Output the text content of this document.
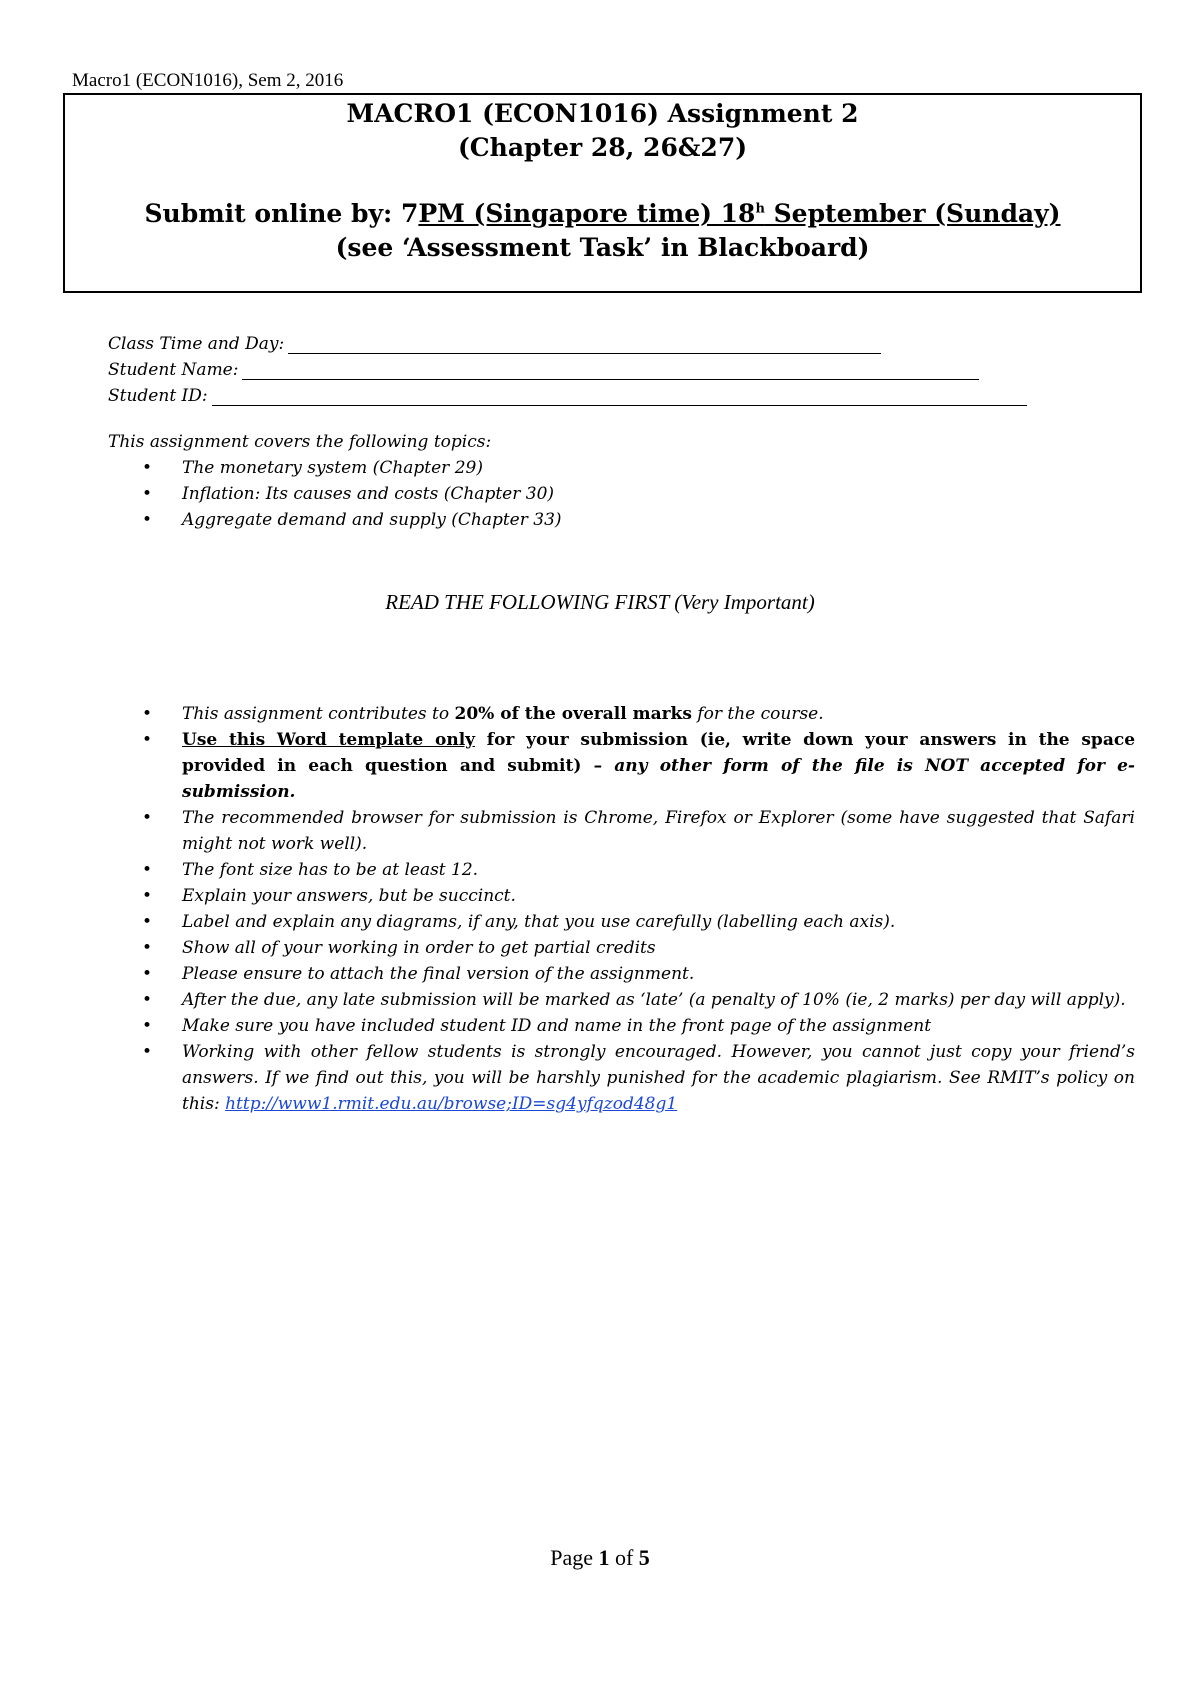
Macro1 (ECON1016), Sem 2, 2016
MACRO1 (ECON1016) Assignment 2
(Chapter 28, 26&27)
Submit online by: 7PM (Singapore time) 18$^h$ September (Sunday)
(see ‘Assessment Task’ in Blackboard)
Class Time and Day:
Student Name:
Student ID:
This assignment covers the following topics:
• The monetary system (Chapter 29)
• Inflation: Its causes and costs (Chapter 30)
• Aggregate demand and supply (Chapter 33)
READ THE FOLLOWING FIRST (Very Important)
• This assignment contributes to 20% of the overall marks for the course.
• Use this Word template only for your submission (ie, write down your answers in the space provided in each question and submit) – any other form of the file is NOT accepted for e-submission.
• The recommended browser for submission is Chrome, Firefox or Explorer (some have suggested that Safari might not work well).
• The font size has to be at least 12.
• Explain your answers, but be succinct.
• Label and explain any diagrams, if any, that you use carefully (labelling each axis).
• Show all of your working in order to get partial credits
• Please ensure to attach the final version of the assignment.
• After the due, any late submission will be marked as ‘late’ (a penalty of 10% (ie, 2 marks) per day will apply).
• Make sure you have included student ID and name in the front page of the assignment
• Working with other fellow students is strongly encouraged. However, you cannot just copy your friend’s answers. If we find out this, you will be harshly punished for the academic plagiarism. See RMIT’s policy on this: http://www1.rmit.edu.au/browse;ID=sg4yfqzod48g1
Page 1 of 5
